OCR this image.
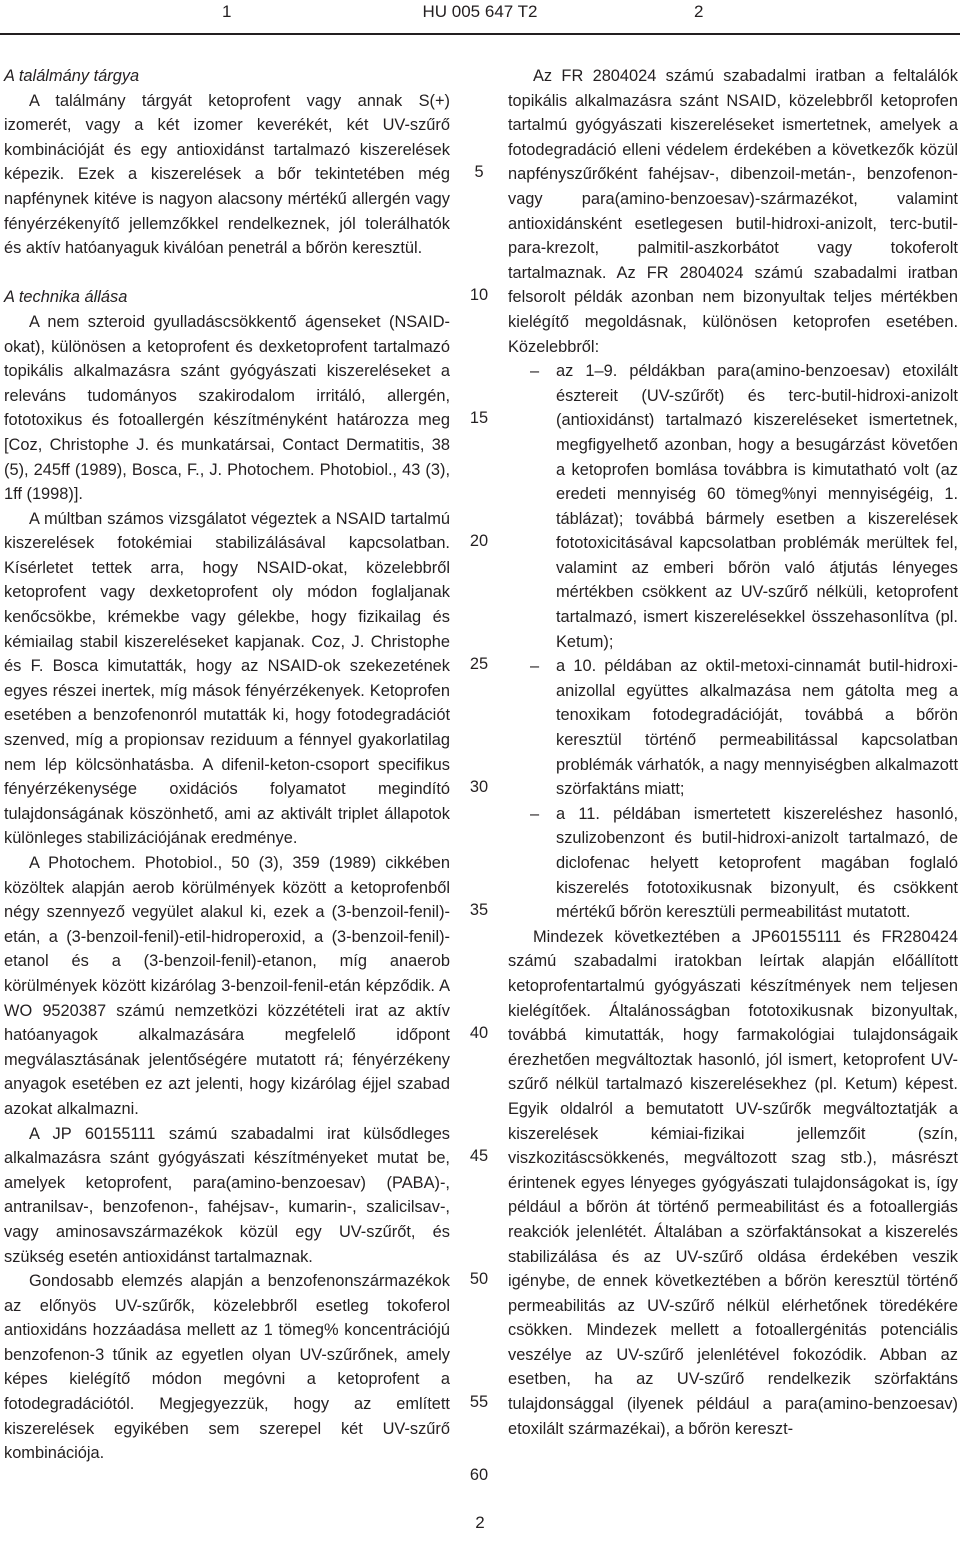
1	HU 005 647 T2	2

A találmány tárgya

A találmány tárgyát ketoprofent vagy annak S(+) izomerét, vagy a két izomer keverékét, két UV-szűrő kombinációját és egy antioxidánst tartalmazó kiszerelések képezik. Ezek a kiszerelések a bőr tekintetében még napfénynek kitéve is nagyon alacsony mértékű allergén vagy fényérzékenyítő jellemzőkkel rendelkeznek, jól tolerálhatók és aktív hatóanyaguk kiválóan penetrál a bőrön keresztül.

A technika állása

A nem szteroid gyulladáscsökkentő ágenseket (NSAID-okat), különösen a ketoprofent és dexketoprofent tartalmazó topikális alkalmazásra szánt gyógyászati kiszereléseket a releváns tudományos szakirodalom irritáló, allergén, fototoxikus és fotoallergén készítményként határozza meg [Coz, Christophe J. és munkatársai, Contact Dermatitis, 38 (5), 245ff (1989), Bosca, F., J. Photochem. Photobiol., 43 (3), 1ff (1998)].

A múltban számos vizsgálatot végeztek a NSAID tartalmú kiszerelések fotokémiai stabilizálásával kapcsolatban. Kísérletet tettek arra, hogy NSAID-okat, közelebbről ketoprofent vagy dexketoprofent oly módon foglaljanak kenőcsökbe, krémekbe vagy gélekbe, hogy fizikailag és kémiailag stabil kiszereléseket kapjanak. Coz, J. Christophe és F. Bosca kimutatták, hogy az NSAID-ok szekezetének egyes részei inertek, míg mások fényérzékenyek. Ketoprofen esetében a benzofenonról mutatták ki, hogy fotodegradációt szenved, míg a propionsav reziduum a fénnyel gyakorlatilag nem lép kölcsönhatásba. A difenil-keton-csoport specifikus fényérzékenysége oxidációs folyamatot megindító tulajdonságának köszönhető, ami az aktivált triplet állapotok különleges stabilizációjának eredménye.

A Photochem. Photobiol., 50 (3), 359 (1989) cikkében közöltek alapján aerob körülmények között a ketoprofenből négy szennyező vegyület alakul ki, ezek a (3-benzoil-fenil)-etán, a (3-benzoil-fenil)-etil-hidroperoxid, a (3-benzoil-fenil)-etanol és a (3-benzoil-fenil)-etanon, míg anaerob körülmények között kizárólag 3-benzoil-fenil-etán képződik. A WO 9520387 számú nemzetközi közzétételi irat az aktív hatóanyagok alkalmazására megfelelő időpont megválasztásának jelentőségére mutatott rá; fényérzékeny anyagok esetében ez azt jelenti, hogy kizárólag éjjel szabad azokat alkalmazni.

A JP 60155111 számú szabadalmi irat külsődleges alkalmazásra szánt gyógyászati készítményeket mutat be, amelyek ketoprofent, para(amino-benzoesav) (PABA)-, antranilsav-, benzofenon-, fahéjsav-, kumarin-, szalicilsav-, vagy aminosavszármazékok közül egy UV-szűrőt, és szükség esetén antioxidánst tartalmaznak.

Gondosabb elemzés alapján a benzofenonszármazékok az előnyös UV-szűrők, közelebbről esetleg tokoferol antioxidáns hozzáadása mellett az 1 tömeg% koncentrációjú benzofenon-3 tűnik az egyetlen olyan UV-szűrőnek, amely képes kielégítő módon megóvni a ketoprofent a fotodegradációtól. Megjegyezzük, hogy az említett kiszerelések egyikében sem szerepel két UV-szűrő kombinációja.

Az FR 2804024 számú szabadalmi iratban a feltalálók topikális alkalmazásra szánt NSAID, közelebbről ketoprofen tartalmú gyógyászati kiszereléseket ismertetnek, amelyek a fotodegradáció elleni védelem érdekében a következők közül napfényszűrőként fahéjsav-, dibenzoil-metán-, benzofenon- vagy para(amino-benzoesav)-származékot, valamint antioxidánsként esetlegesen butil-hidroxi-anizolt, terc-butil-para-krezolt, palmitil-aszkorbátot vagy tokoferolt tartalmaznak. Az FR 2804024 számú szabadalmi iratban felsorolt példák azonban nem bizonyultak teljes mértékben kielégítő megoldásnak, különösen ketoprofen esetében. Közelebbről:

– az 1–9. példákban para(amino-benzoesav) etoxilált észtereit (UV-szűrőt) és terc-butil-hidroxi-anizolt (antioxidánst) tartalmazó kiszereléseket ismertetnek, megfigyelhető azonban, hogy a besugárzást követően a ketoprofen bomlása továbbra is kimutatható volt (az eredeti mennyiség 60 tömeg%nyi mennyiségéig, 1. táblázat); továbbá bármely esetben a kiszerelések fototoxicitásával kapcsolatban problémák merültek fel, valamint az emberi bőrön való átjutás lényeges mértékben csökkent az UV-szűrő nélküli, ketoprofent tartalmazó, ismert kiszerelésekkel összehasonlítva (pl. Ketum);

– a 10. példában az oktil-metoxi-cinnamát butil-hidroxi-anizollal együttes alkalmazása nem gátolta meg a tenoxikam fotodegradációját, továbbá a bőrön keresztül történő permeabilitással kapcsolatban problémák várhatók, a nagy mennyiségben alkalmazott szörfaktáns miatt;

– a 11. példában ismertetett kiszereléshez hasonló, szulizobenzont és butil-hidroxi-anizolt tartalmazó, de diclofenac helyett ketoprofent magában foglaló kiszerelés fototoxikusnak bizonyult, és csökkent mértékű bőrön keresztüli permeabilitást mutatott.

Mindezek következtében a JP60155111 és FR280424 számú szabadalmi iratokban leírtak alapján előállított ketoprofentartalmú gyógyászati készítmények nem teljesen kielégítőek. Általánosságban fototoxikusnak bizonyultak, továbbá kimutatták, hogy farmakológiai tulajdonságaik érezhetően megváltoztak hasonló, jól ismert, ketoprofent UV-szűrő nélkül tartalmazó kiszerelésekhez (pl. Ketum) képest. Egyik oldalról a bemutatott UV-szűrők megváltoztatják a kiszerelések kémiai-fizikai jellemzőit (szín, viszkozitáscsökkenés, megváltozott szag stb.), másrészt érintenek egyes lényeges gyógyászati tulajdonságokat is, így például a bőrön át történő permeabilitást és a fotoallergiás reakciók jelenlétét. Általában a szörfaktánsokat a kiszerelés stabilizálása és az UV-szűrő oldása érdekében veszik igénybe, de ennek következtében a bőrön keresztül történő permeabilitás az UV-szűrő nélkül elérhetőnek töredékére csökken. Mindezek mellett a fotoallergénitás potenciális veszélye az UV-szűrő jelenlétével fokozódik. Abban az esetben, ha az UV-szűrő rendelkezik szörfaktáns tulajdonsággal (ilyenek például a para(amino-benzoesav) etoxilált származékai), a bőrön kereszt-

5
10
15
20
25
30
35
40
45
50
55
60
2
